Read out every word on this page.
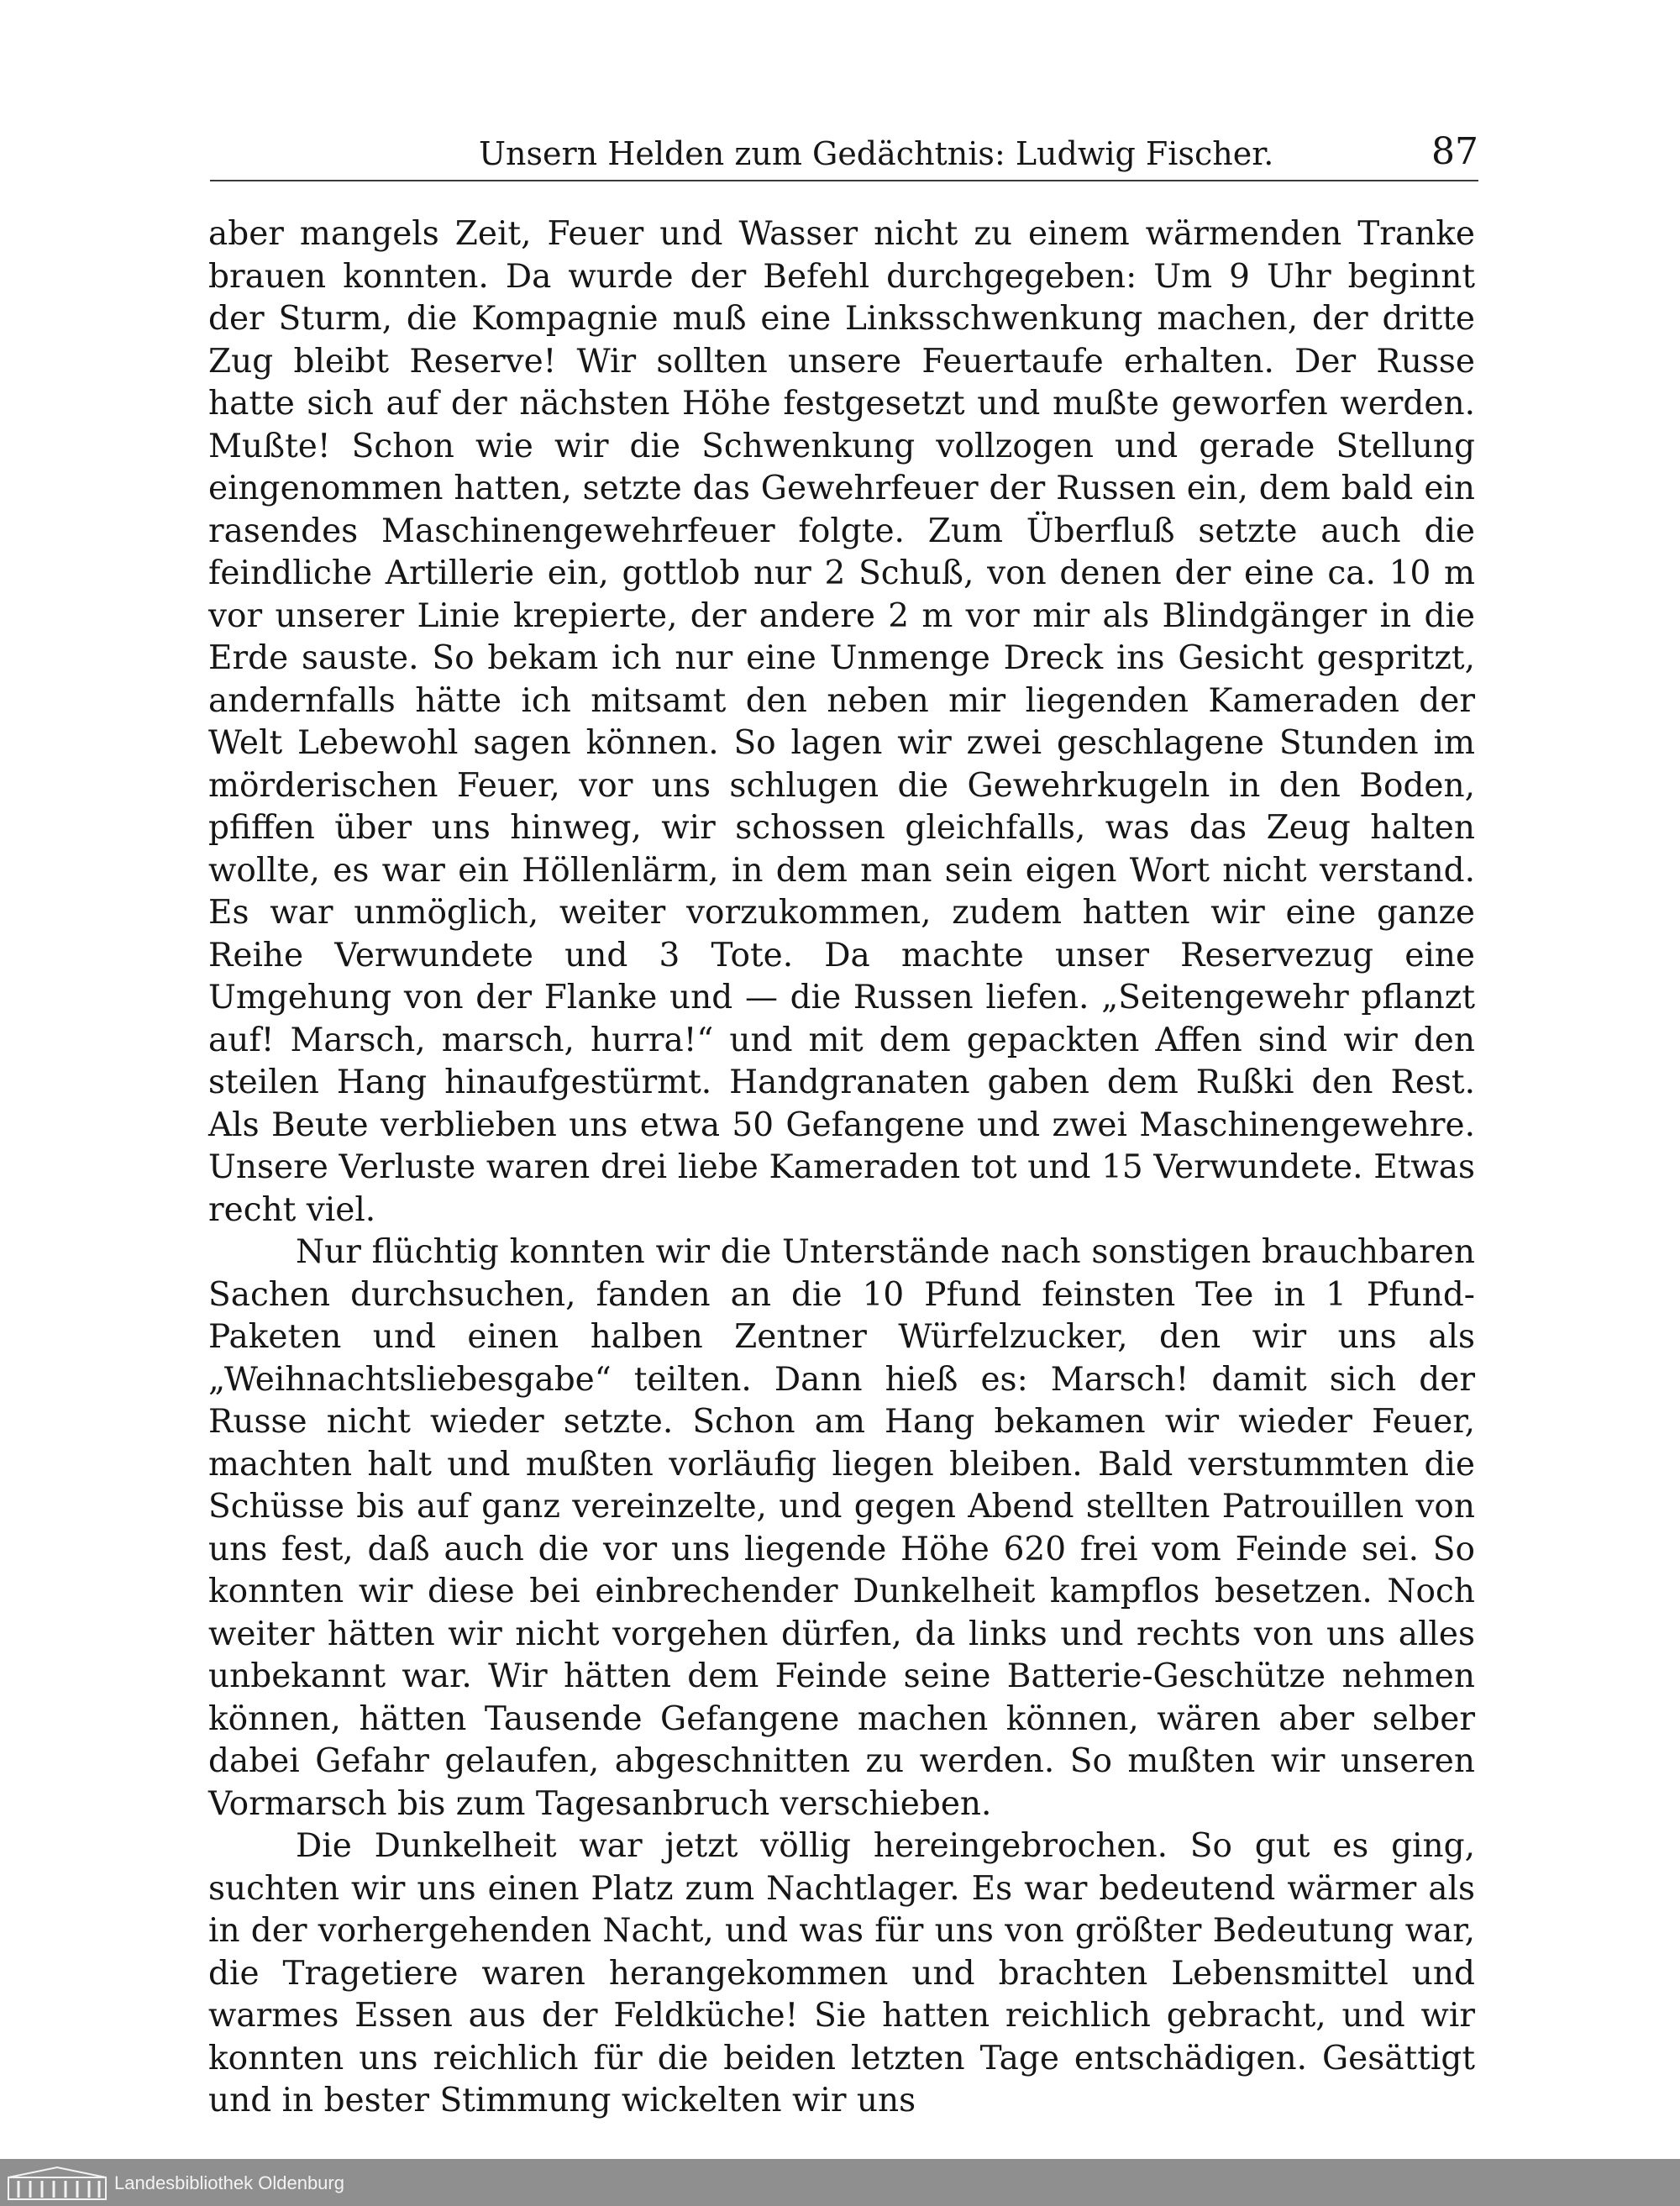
Unsern Helden zum Gedächtnis: Ludwig Fischer.	87

aber mangels Zeit, Feuer und Wasser nicht zu einem wärmenden Tranke brauen konnten. Da wurde der Befehl durchgegeben: Um 9 Uhr beginnt der Sturm, die Kompagnie muß eine Linksschwenkung machen, der dritte Zug bleibt Reserve! Wir sollten unsere Feuertaufe erhalten. Der Russe hatte sich auf der nächsten Höhe festgesetzt und mußte geworfen werden. Mußte! Schon wie wir die Schwenkung vollzogen und gerade Stellung eingenommen hatten, setzte das Gewehrfeuer der Russen ein, dem bald ein rasendes Maschinengewehrfeuer folgte. Zum Überfluß setzte auch die feindliche Artillerie ein, gottlob nur 2 Schuß, von denen der eine ca. 10 m vor unserer Linie krepierte, der andere 2 m vor mir als Blindgänger in die Erde sauste. So bekam ich nur eine Unmenge Dreck ins Gesicht gespritzt, andernfalls hätte ich mitsamt den neben mir liegenden Kameraden der Welt Lebewohl sagen können. So lagen wir zwei geschlagene Stunden im mörderischen Feuer, vor uns schlugen die Gewehrkugeln in den Boden, pfiffen über uns hinweg, wir schossen gleichfalls, was das Zeug halten wollte, es war ein Höllenlärm, in dem man sein eigen Wort nicht verstand. Es war unmöglich, weiter vorzukommen, zudem hatten wir eine ganze Reihe Verwundete und 3 Tote. Da machte unser Reservezug eine Umgehung von der Flanke und — die Russen liefen. „Seitengewehr pflanzt auf! Marsch, marsch, hurra!“ und mit dem gepackten Affen sind wir den steilen Hang hinaufgestürmt. Handgranaten gaben dem Rußki den Rest. Als Beute verblieben uns etwa 50 Gefangene und zwei Maschinengewehre. Unsere Verluste waren drei liebe Kameraden tot und 15 Verwundete. Etwas recht viel.

Nur flüchtig konnten wir die Unterstände nach sonstigen brauchbaren Sachen durchsuchen, fanden an die 10 Pfund feinsten Tee in 1 Pfund-Paketen und einen halben Zentner Würfelzucker, den wir uns als „Weihnachtsliebesgabe“ teilten. Dann hieß es: Marsch! damit sich der Russe nicht wieder setzte. Schon am Hang bekamen wir wieder Feuer, machten halt und mußten vorläufig liegen bleiben. Bald verstummten die Schüsse bis auf ganz vereinzelte, und gegen Abend stellten Patrouillen von uns fest, daß auch die vor uns liegende Höhe 620 frei vom Feinde sei. So konnten wir diese bei einbrechender Dunkelheit kampflos besetzen. Noch weiter hätten wir nicht vorgehen dürfen, da links und rechts von uns alles unbekannt war. Wir hätten dem Feinde seine Batterie-Geschütze nehmen können, hätten Tausende Gefangene machen können, wären aber selber dabei Gefahr gelaufen, abgeschnitten zu werden. So mußten wir unseren Vormarsch bis zum Tagesanbruch verschieben.

Die Dunkelheit war jetzt völlig hereingebrochen. So gut es ging, suchten wir uns einen Platz zum Nachtlager. Es war bedeutend wärmer als in der vorhergehenden Nacht, und was für uns von größter Bedeutung war, die Tragetiere waren herangekommen und brachten Lebensmittel und warmes Essen aus der Feldküche! Sie hatten reichlich gebracht, und wir konnten uns reichlich für die beiden letzten Tage entschädigen. Gesättigt und in bester Stimmung wickelten wir uns

Landesbibliothek Oldenburg
